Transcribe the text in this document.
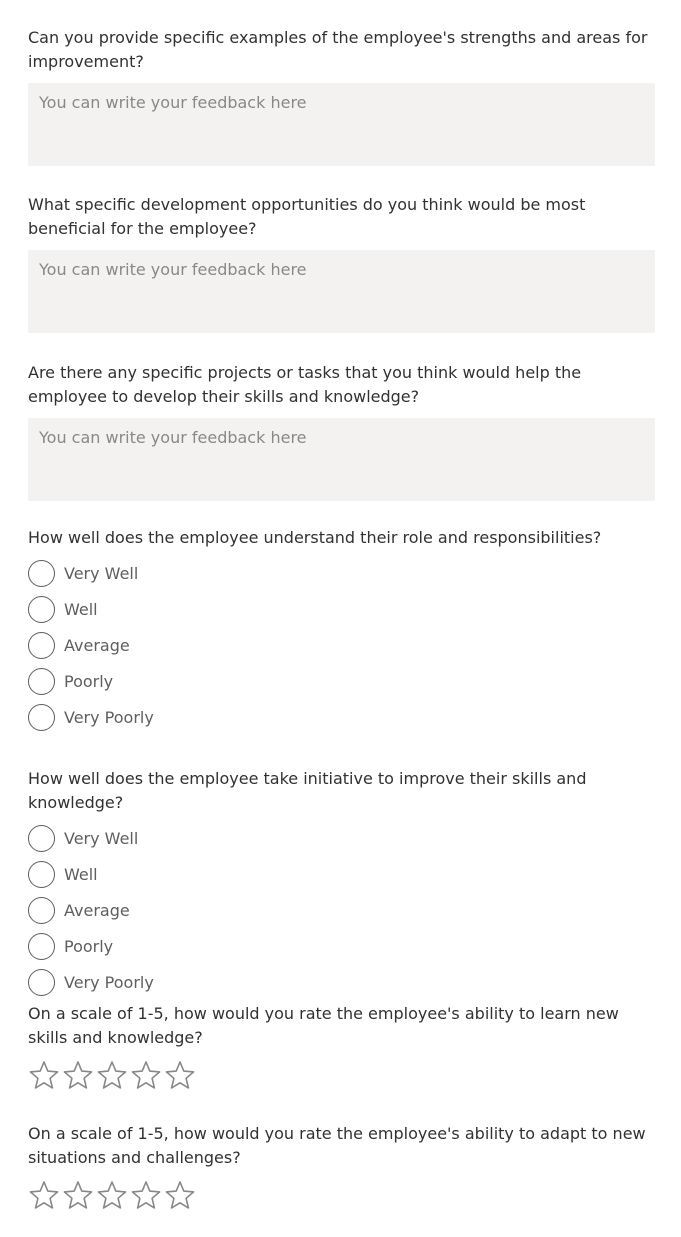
Can you provide specific examples of the employee's strengths and areas for improvement?

You can write your feedback here

What specific development opportunities do you think would be most beneficial for the employee?

You can write your feedback here

Are there any specific projects or tasks that you think would help the employee to develop their skills and knowledge?

You can write your feedback here

How well does the employee understand their role and responsibilities?

Very Well
Well
Average
Poorly
Very Poorly

How well does the employee take initiative to improve their skills and knowledge?

Very Well
Well
Average
Poorly
Very Poorly

On a scale of 1-5, how would you rate the employee's ability to learn new skills and knowledge?

On a scale of 1-5, how would you rate the employee's ability to adapt to new situations and challenges?
